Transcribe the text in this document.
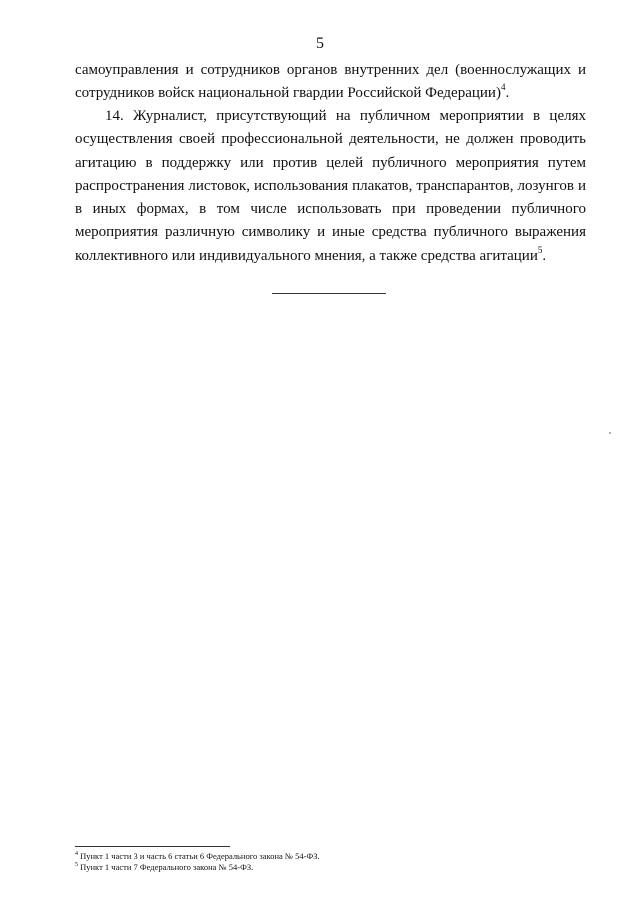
5

самоуправления и сотрудников органов внутренних дел (военнослужащих и сотрудников войск национальной гвардии Российской Федерации)$^4$.

14. Журналист, присутствующий на публичном мероприятии в целях осуществления своей профессиональной деятельности, не должен проводить агитацию в поддержку или против целей публичного мероприятия путем распространения листовок, использования плакатов, транспарантов, лозунгов и в иных формах, в том числе использовать при проведении публичного мероприятия различную символику и иные средства публичного выражения коллективного или индивидуального мнения, а также средства агитации$^5$.

$^4$ Пункт 1 части 3 и часть 6 статьи 6 Федерального закона № 54-ФЗ.

$^5$ Пункт 1 части 7 Федерального закона № 54-ФЗ.
